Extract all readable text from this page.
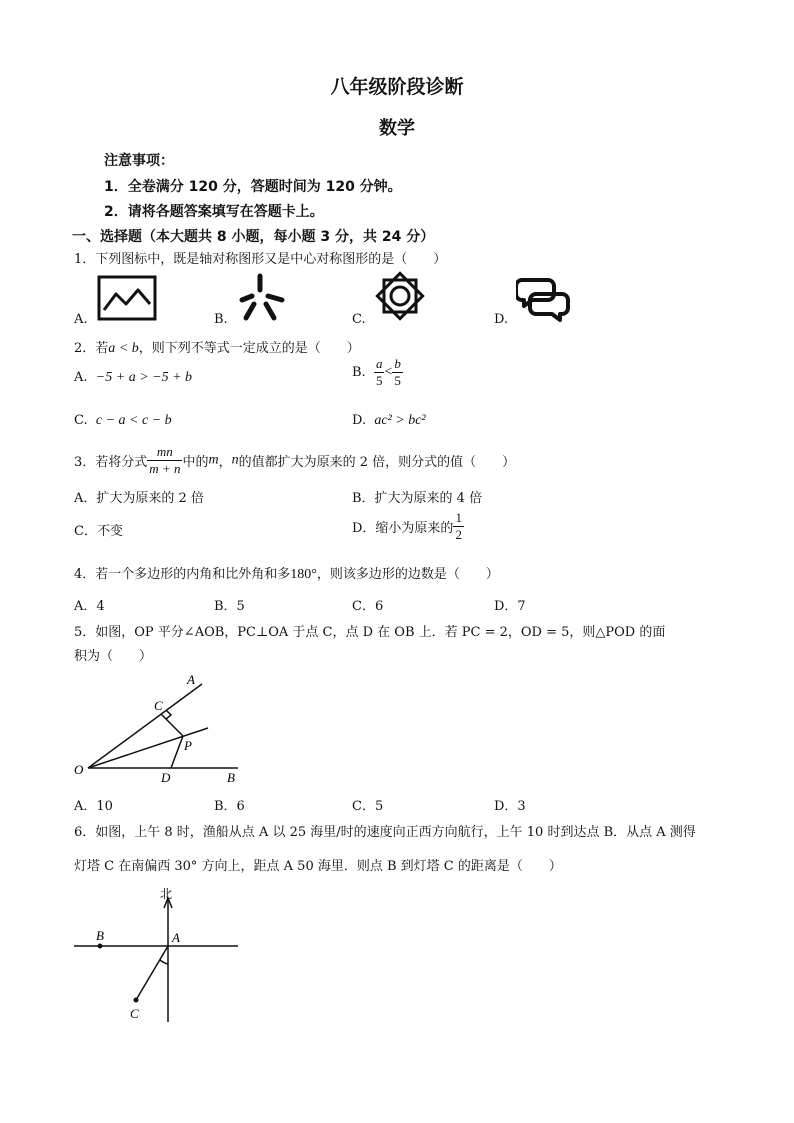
八年级阶段诊断
数学
注意事项：
1．全卷满分 120 分，答题时间为 120 分钟。
2．请将各题答案填写在答题卡上。
一、选择题（本大题共 8 小题，每小题 3 分，共 24 分）
1．下列图标中，既是轴对称图形又是中心对称图形的是（　　）
A.	B.	C.	D.
2．若a < b，则下列不等式一定成立的是（　　）
A. −5 + a > −5 + b	B. $\frac{a}{5} < \frac{b}{5}$
C. c − a < c − b	D. ac² > bc²
3．若将分式 $\frac{mn}{m + n}$ 中的m，n的值都扩大为原来的 2 倍，则分式的值（　　）
A．扩大为原来的 2 倍	B．扩大为原来的 4 倍
C．不变	D．缩小为原来的 $\frac{1}{2}$
4．若一个多边形的内角和比外角和多180°，则该多边形的边数是（　　）
A．4	B．5	C．6	D．7
5．如图，OP 平分∠AOB，PC⊥OA 于点 C，点 D 在 OB 上．若 PC = 2，OD = 5，则△POD 的面
积为（　　）
A
B
C
D
O
P
A．10	B．6	C．5	D．3
6．如图，上午 8 时，渔船从点 A 以 25 海里/时的速度向正西方向航行，上午 10 时到达点 B．从点 A 测得
灯塔 C 在南偏西 30° 方向上，距点 A 50 海里．则点 B 到灯塔 C 的距离是（　　）
北
A
B
C
